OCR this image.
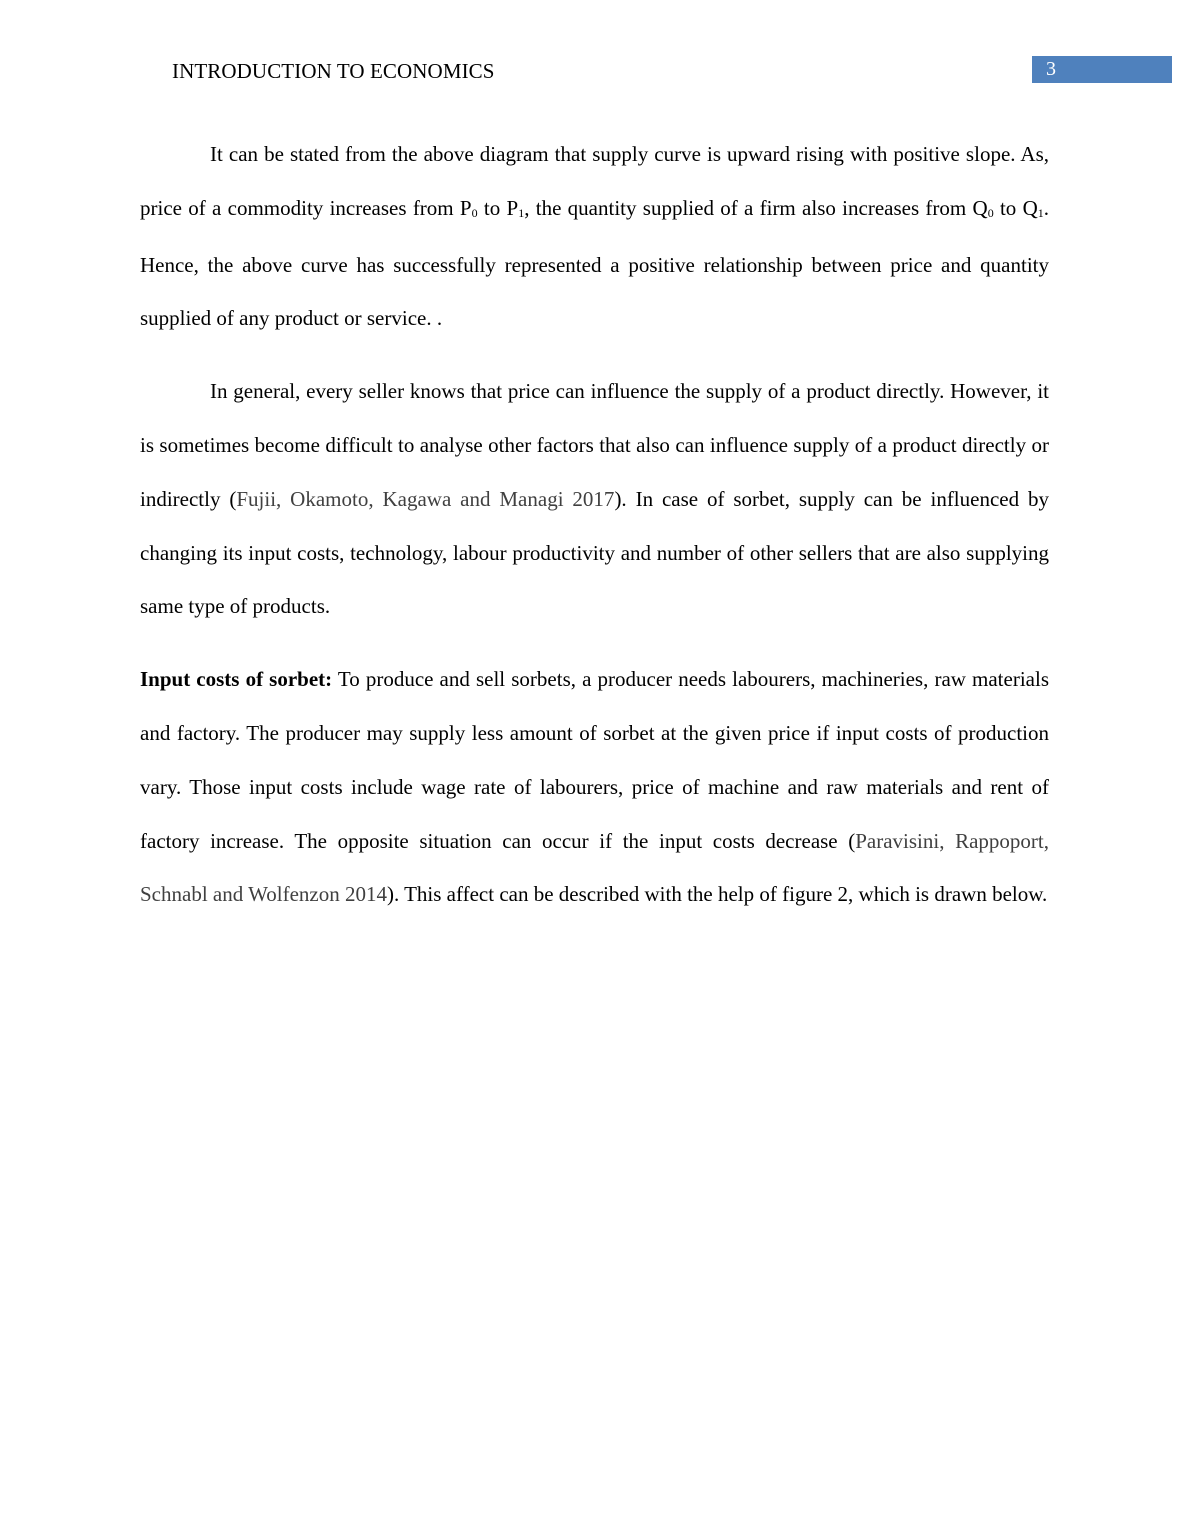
INTRODUCTION TO ECONOMICS	3

It can be stated from the above diagram that supply curve is upward rising with positive slope. As, price of a commodity increases from P0 to P1, the quantity supplied of a firm also increases from Q0 to Q1. Hence, the above curve has successfully represented a positive relationship between price and quantity supplied of any product or service. .

In general, every seller knows that price can influence the supply of a product directly. However, it is sometimes become difficult to analyse other factors that also can influence supply of a product directly or indirectly (Fujii, Okamoto, Kagawa and Managi 2017). In case of sorbet, supply can be influenced by changing its input costs, technology, labour productivity and number of other sellers that are also supplying same type of products.

Input costs of sorbet: To produce and sell sorbets, a producer needs labourers, machineries, raw materials and factory. The producer may supply less amount of sorbet at the given price if input costs of production vary. Those input costs include wage rate of labourers, price of machine and raw materials and rent of factory increase. The opposite situation can occur if the input costs decrease (Paravisini, Rappoport, Schnabl and Wolfenzon 2014). This affect can be described with the help of figure 2, which is drawn below.
